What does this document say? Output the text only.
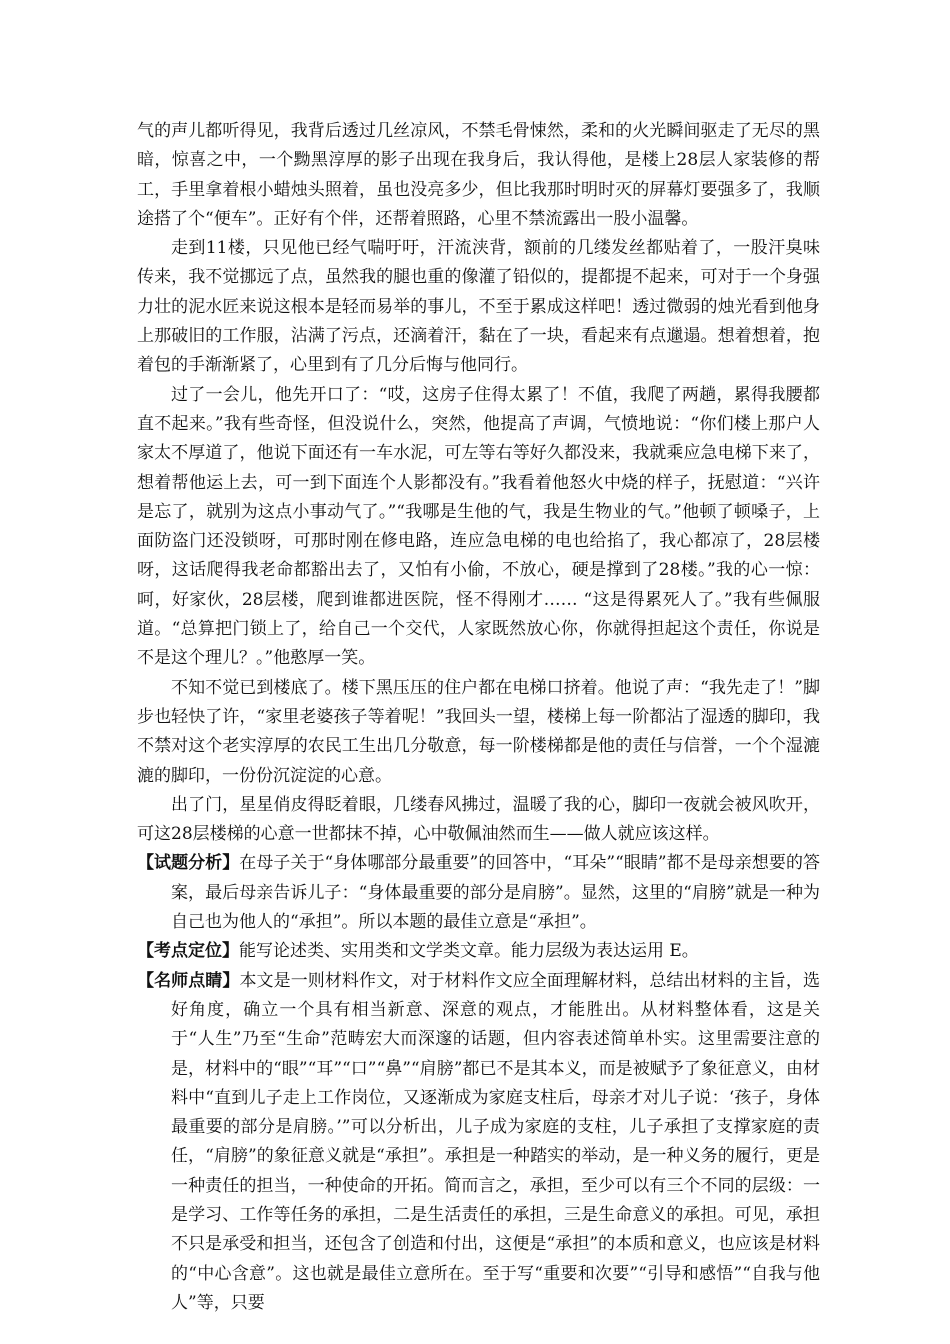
气的声儿都听得见，我背后透过几丝凉风，不禁毛骨悚然，柔和的火光瞬间驱走了无尽的黑暗，惊喜之中，一个黝黑淳厚的影子出现在我身后，我认得他，是楼上28层人家装修的帮工，手里拿着根小蜡烛头照着，虽也没亮多少，但比我那时明时灭的屏幕灯要强多了，我顺途搭了个“便车”。正好有个伴，还帮着照路，心里不禁流露出一股小温馨。

走到11楼，只见他已经气喘吁吁，汗流浃背，额前的几缕发丝都贴着了，一股汗臭味传来，我不觉挪远了点，虽然我的腿也重的像灌了铅似的，提都提不起来，可对于一个身强力壮的泥水匠来说这根本是轻而易举的事儿，不至于累成这样吧！透过微弱的烛光看到他身上那破旧的工作服，沾满了污点，还滴着汗，黏在了一块，看起来有点邋遢。想着想着，抱着包的手渐渐紧了，心里到有了几分后悔与他同行。

过了一会儿，他先开口了：“哎，这房子住得太累了！不值，我爬了两趟，累得我腰都直不起来。”我有些奇怪，但没说什么，突然，他提高了声调，气愤地说：“你们楼上那户人家太不厚道了，他说下面还有一车水泥，可左等右等好久都没来，我就乘应急电梯下来了，想着帮他运上去，可一到下面连个人影都没有。”我看着他怒火中烧的样子，抚慰道：“兴许是忘了，就别为这点小事动气了。”“我哪是生他的气，我是生物业的气。”他顿了顿嗓子，上面防盗门还没锁呀，可那时刚在修电路，连应急电梯的电也给掐了，我心都凉了，28层楼呀，这话爬得我老命都豁出去了，又怕有小偷，不放心，硬是撑到了28楼。”我的心一惊：呵，好家伙，28层楼，爬到谁都进医院，怪不得刚才…… “这是得累死人了。”我有些佩服道。“总算把门锁上了，给自己一个交代，人家既然放心你，你就得担起这个责任，你说是不是这个理儿？。”他憨厚一笑。

不知不觉已到楼底了。楼下黑压压的住户都在电梯口挤着。他说了声：“我先走了！”脚步也轻快了许，“家里老婆孩子等着呢！”我回头一望，楼梯上每一阶都沾了湿透的脚印，我不禁对这个老实淳厚的农民工生出几分敬意，每一阶楼梯都是他的责任与信誉，一个个湿漉漉的脚印，一份份沉淀淀的心意。

出了门，星星俏皮得眨着眼，几缕春风拂过，温暖了我的心，脚印一夜就会被风吹开，可这28层楼梯的心意一世都抹不掉，心中敬佩油然而生——做人就应该这样。

【试题分析】在母子关于“身体哪部分最重要”的回答中，“耳朵”“眼睛”都不是母亲想要的答案，最后母亲告诉儿子：“身体最重要的部分是肩膀”。显然，这里的“肩膀”就是一种为自己也为他人的“承担”。所以本题的最佳立意是“承担”。

【考点定位】能写论述类、实用类和文学类文章。能力层级为表达运用 E。

【名师点睛】本文是一则材料作文，对于材料作文应全面理解材料，总结出材料的主旨，选好角度，确立一个具有相当新意、深意的观点，才能胜出。从材料整体看，这是关于“人生”乃至“生命”范畴宏大而深邃的话题，但内容表述简单朴实。这里需要注意的是，材料中的“眼”“耳”“口”“鼻”“肩膀”都已不是其本义，而是被赋予了象征意义，由材料中“直到儿子走上工作岗位，又逐渐成为家庭支柱后，母亲才对儿子说：‘孩子，身体最重要的部分是肩膀。’”可以分析出，儿子成为家庭的支柱，儿子承担了支撑家庭的责任，“肩膀”的象征意义就是“承担”。承担是一种踏实的举动，是一种义务的履行，更是一种责任的担当，一种使命的开拓。简而言之，承担，至少可以有三个不同的层级：一是学习、工作等任务的承担，二是生活责任的承担，三是生命意义的承担。可见，承担不只是承受和担当，还包含了创造和付出，这便是“承担”的本质和意义，也应该是材料的“中心含意”。这也就是最佳立意所在。至于写“重要和次要”“引导和感悟”“自我与他人”等，只要
